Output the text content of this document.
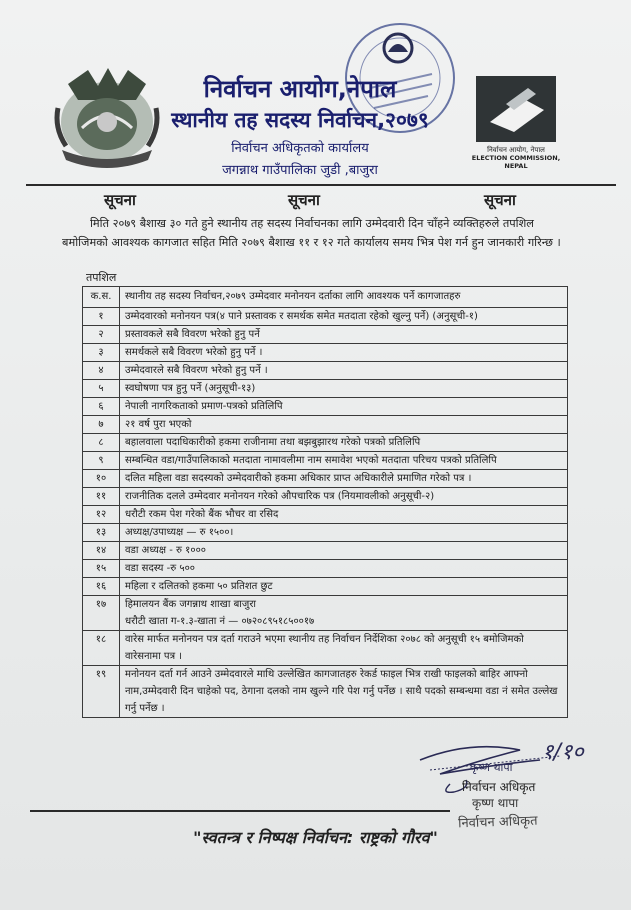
निर्वाचन आयोग,नेपाल
स्थानीय तह सदस्य निर्वाचन,२०७९
निर्वाचन अधिकृतको कार्यालय
जगन्नाथ गाउँपालिका जुडी ,बाजुरा
निर्वाचन आयोग, नेपाल
ELECTION COMMISSION, NEPAL
सूचना	सूचना	सूचना
मिति २०७९ बैशाख ३० गते हुने स्थानीय तह सदस्य निर्वाचनका लागि उम्मेदवारी दिन चाँहने व्यक्तिहरुले तपशिल बमोजिमको आवश्यक कागजात सहित मिति २०७९ बैशाख ११ र १२ गते कार्यालय समय भित्र पेश गर्न हुन जानकारी गरिन्छ ।
तपशिल
क.स.	स्थानीय तह सदस्य निर्वाचन,२०७९ उम्मेदवार मनोनयन दर्ताका लागि आवश्यक पर्ने कागजातहरु
१	उम्मेदवारको मनोनयन पत्र(४ पाने प्रस्तावक र समर्थक समेत मतदाता रहेको खुल्नु पर्ने) (अनुसूची-१)

२	प्रस्तावकले सबै विवरण भरेको हुनु पर्ने

३	समर्थकले सबै विवरण भरेको हुनु पर्ने ।

४	उम्मेदवारले सबै विवरण भरेको हुनु पर्ने ।

५	स्वघोषणा पत्र हुनु पर्ने (अनुसूची-१३)

६	नेपाली नागरिकताको प्रमाण-पत्रको प्रतिलिपि

७	२१ वर्ष पुरा भएको

८	बहालवाला पदाधिकारीको हकमा राजीनामा तथा बझबुझारथ गरेको पत्रको प्रतिलिपि

९	सम्बन्धित वडा/गाउँपालिकाको मतदाता नामावलीमा नाम समावेश भएको मतदाता परिचय पत्रको प्रतिलिपि

१०	दलित महिला वडा सदस्यको उम्मेदवारीको हकमा अधिकार प्राप्त अधिकारीले प्रमाणित गरेको पत्र ।

११	राजनीतिक दलले उम्मेदवार मनोनयन गरेको औपचारिक पत्र (नियमावलीको अनुसूची-२)

१२	धरौटी रकम पेश गरेको बैंक भौचर वा रसिद

१३	अध्यक्ष/उपाध्यक्ष — रु १५००।

१४	वडा अध्यक्ष - रु १०००

१५	वडा सदस्य -रु ५००

१६	महिला र दलितको हकमा ५० प्रतिशत छुट

१७	हिमालयन बैंक जगन्नाथ शाखा बाजुरा
धरौटी खाता ग-१.३-खाता नं — ०७२०८९५१८५००१७

१८	वारेस मार्फत मनोनयन पत्र दर्ता गराउने भएमा स्थानीय तह निर्वाचन निर्देशिका २०७८ को अनुसूची १५ बमोजिमको वारेसनामा पत्र ।

१९	मनोनयन दर्ता गर्न आउने उम्मेदवारले माथि उल्लेखित कागजातहरु रेकर्ड फाइल भित्र राखी फाइलको बाहिर आफ्नो नाम,उम्मेदवारी दिन चाहेको पद, ठेगाना दलको नाम खुल्ने गरि पेश गर्नु पर्नेछ । साथै पदको सम्बन्धमा वडा नं समेत उल्लेख गर्नु पर्नेछ ।
१/१०
कृष्ण थापा
निर्वाचन अधिकृत
कृष्ण थापा
निर्वाचन अधिकृत
"स्वतन्त्र र निष्पक्ष निर्वाचन: राष्ट्रको गौरव"
